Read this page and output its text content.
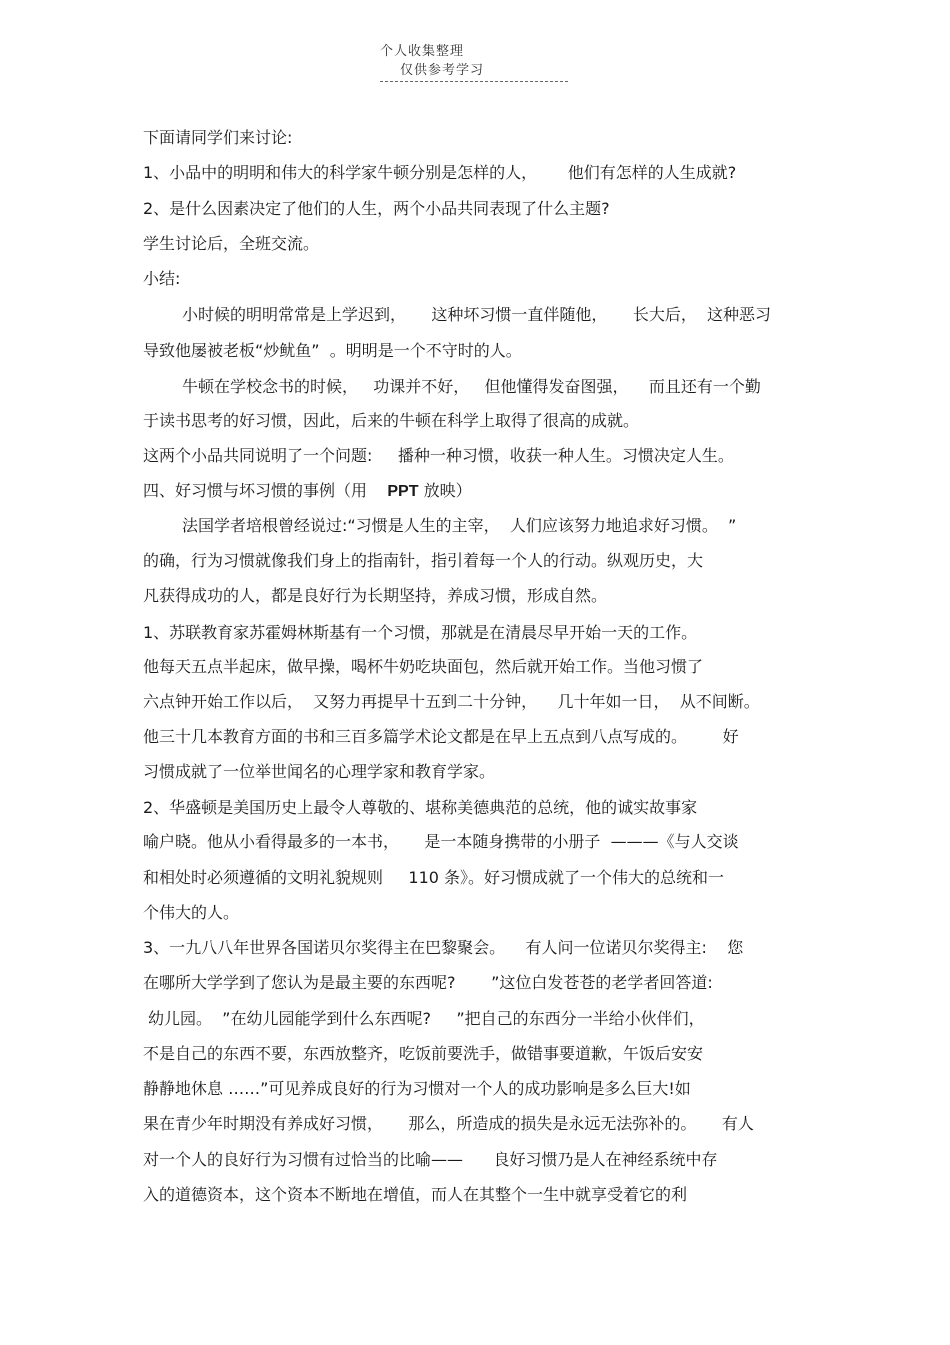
个人收集整理仅供参考学习
下面请同学们来讨论:
1、小品中的明明和伟大的科学家牛顿分别是怎样的人，      他们有怎样的人生成就?
2、是什么因素决定了他们的人生，两个小品共同表现了什么主题?
学生讨论后，全班交流。
小结:
小时候的明明常常是上学迟到，     这种坏习惯一直伴随他，     长大后，  这种恶习
导致他屡被老板“炒鱿鱼”  。明明是一个不守时的人。
牛顿在学校念书的时候，   功课并不好，   但他懂得发奋图强，    而且还有一个勤
于读书思考的好习惯，因此，后来的牛顿在科学上取得了很高的成就。
这两个小品共同说明了一个问题:     播种一种习惯，收获一种人生。习惯决定人生。
四、好习惯与坏习惯的事例（用 PPT 放映）
法国学者培根曾经说过:“习惯是人生的主宰，  人们应该努力地追求好习惯。  ”
的确，行为习惯就像我们身上的指南针，指引着每一个人的行动。纵观历史，大
凡获得成功的人，都是良好行为长期坚持，养成习惯，形成自然。
1、苏联教育家苏霍姆林斯基有一个习惯，那就是在清晨尽早开始一天的工作。
他每天五点半起床，做早操，喝杯牛奶吃块面包，然后就开始工作。当他习惯了
六点钟开始工作以后，  又努力再提早十五到二十分钟，    几十年如一日，  从不间断。
他三十几本教育方面的书和三百多篇学术论文都是在早上五点到八点写成的。       好
习惯成就了一位举世闻名的心理学家和教育学家。
2、华盛顿是美国历史上最令人尊敬的、堪称美德典范的总统，他的诚实故事家
喻户晓。他从小看得最多的一本书，     是一本随身携带的小册子  ———《与人交谈
和相处时必须遵循的文明礼貌规则     110 条》。好习惯成就了一个伟大的总统和一
个伟大的人。
3、一九八八年世界各国诺贝尔奖得主在巴黎聚会。    有人问一位诺贝尔奖得主:    您
在哪所大学学到了您认为是最主要的东西呢?       ”这位白发苍苍的老学者回答道:
幼儿园。  ”在幼儿园能学到什么东西呢?     ”把自己的东西分一半给小伙伴们，
不是自己的东西不要，东西放整齐，吃饭前要洗手，做错事要道歉，午饭后安安
静静地休息 ……”可见养成良好的行为习惯对一个人的成功影响是多么巨大!如
果在青少年时期没有养成好习惯，     那么，所造成的损失是永远无法弥补的。     有人
对一个人的良好行为习惯有过恰当的比喻——      良好习惯乃是人在神经系统中存
入的道德资本，这个资本不断地在增值，而人在其整个一生中就享受着它的利
